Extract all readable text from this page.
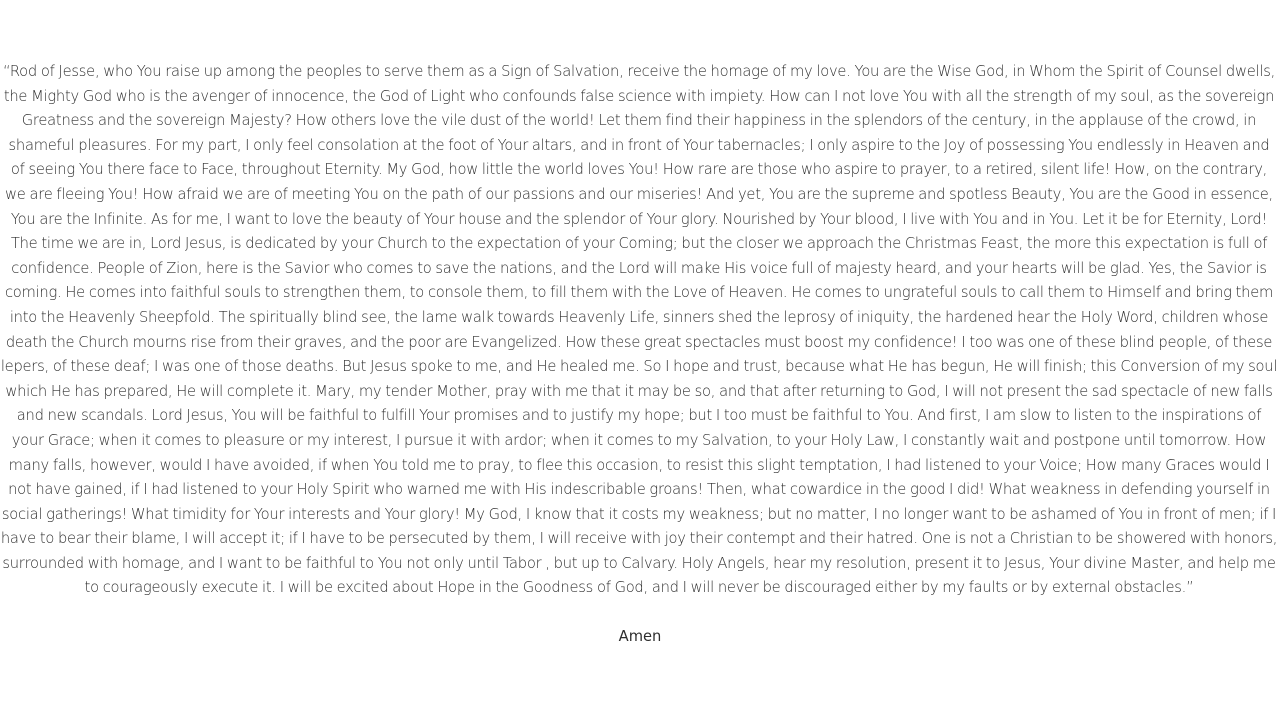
“Rod of Jesse, who You raise up among the peoples to serve them as a Sign of Salvation, receive the homage of my love. You are the Wise God, in Whom the Spirit of Counsel dwells, the Mighty God who is the avenger of innocence, the God of Light who confounds false science with impiety. How can I not love You with all the strength of my soul, as the sovereign Greatness and the sovereign Majesty? How others love the vile dust of the world! Let them find their happiness in the splendors of the century, in the applause of the crowd, in shameful pleasures. For my part, I only feel consolation at the foot of Your altars, and in front of Your tabernacles; I only aspire to the Joy of possessing You endlessly in Heaven and of seeing You there face to Face, throughout Eternity. My God, how little the world loves You! How rare are those who aspire to prayer, to a retired, silent life! How, on the contrary, we are fleeing You! How afraid we are of meeting You on the path of our passions and our miseries! And yet, You are the supreme and spotless Beauty, You are the Good in essence, You are the Infinite. As for me, I want to love the beauty of Your house and the splendor of Your glory. Nourished by Your blood, I live with You and in You. Let it be for Eternity, Lord! The time we are in, Lord Jesus, is dedicated by your Church to the expectation of your Coming; but the closer we approach the Christmas Feast, the more this expectation is full of confidence. People of Zion, here is the Savior who comes to save the nations, and the Lord will make His voice full of majesty heard, and your hearts will be glad. Yes, the Savior is coming. He comes into faithful souls to strengthen them, to console them, to fill them with the Love of Heaven. He comes to ungrateful souls to call them to Himself and bring them into the Heavenly Sheepfold. The spiritually blind see, the lame walk towards Heavenly Life, sinners shed the leprosy of iniquity, the hardened hear the Holy Word, children whose death the Church mourns rise from their graves, and the poor are Evangelized. How these great spectacles must boost my confidence! I too was one of these blind people, of these lepers, of these deaf; I was one of those deaths. But Jesus spoke to me, and He healed me. So I hope and trust, because what He has begun, He will finish; this Conversion of my soul which He has prepared, He will complete it. Mary, my tender Mother, pray with me that it may be so, and that after returning to God, I will not present the sad spectacle of new falls and new scandals. Lord Jesus, You will be faithful to fulfill Your promises and to justify my hope; but I too must be faithful to You. And first, I am slow to listen to the inspirations of your Grace; when it comes to pleasure or my interest, I pursue it with ardor; when it comes to my Salvation, to your Holy Law, I constantly wait and postpone until tomorrow. How many falls, however, would I have avoided, if when You told me to pray, to flee this occasion, to resist this slight temptation, I had listened to your Voice; How many Graces would I not have gained, if I had listened to your Holy Spirit who warned me with His indescribable groans! Then, what cowardice in the good I did! What weakness in defending yourself in social gatherings! What timidity for Your interests and Your glory! My God, I know that it costs my weakness; but no matter, I no longer want to be ashamed of You in front of men; if I have to bear their blame, I will accept it; if I have to be persecuted by them, I will receive with joy their contempt and their hatred. One is not a Christian to be showered with honors, surrounded with homage, and I want to be faithful to You not only until Tabor , but up to Calvary. Holy Angels, hear my resolution, present it to Jesus, Your divine Master, and help me to courageously execute it. I will be excited about Hope in the Goodness of God, and I will never be discouraged either by my faults or by external obstacles.”

Amen
